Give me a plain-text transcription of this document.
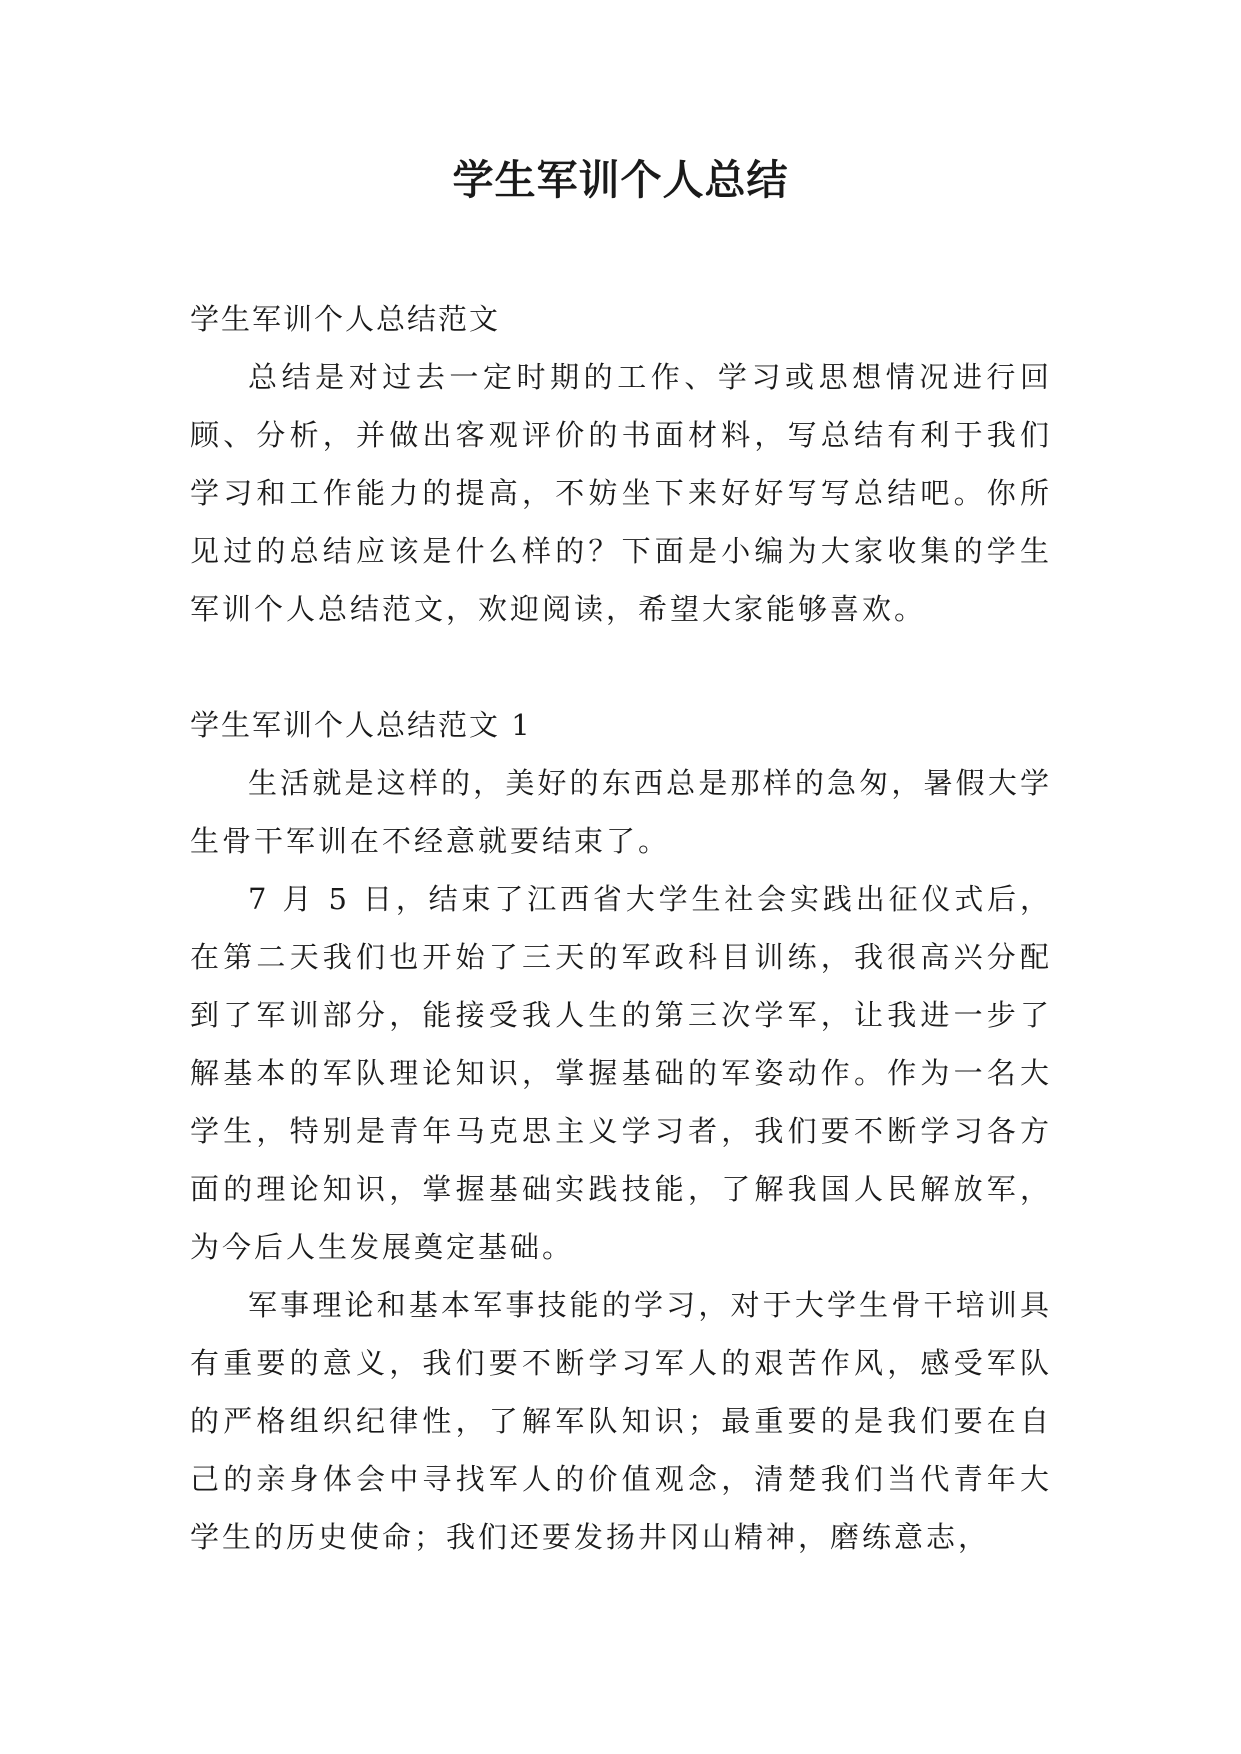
学生军训个人总结

学生军训个人总结范文

总结是对过去一定时期的工作、学习或思想情况进行回顾、分析，并做出客观评价的书面材料，写总结有利于我们学习和工作能力的提高，不妨坐下来好好写写总结吧。你所见过的总结应该是什么样的？下面是小编为大家收集的学生军训个人总结范文，欢迎阅读，希望大家能够喜欢。

学生军训个人总结范文 1

生活就是这样的，美好的东西总是那样的急匆，暑假大学生骨干军训在不经意就要结束了。

7 月 5 日，结束了江西省大学生社会实践出征仪式后，在第二天我们也开始了三天的军政科目训练，我很高兴分配到了军训部分，能接受我人生的第三次学军，让我进一步了解基本的军队理论知识，掌握基础的军姿动作。作为一名大学生，特别是青年马克思主义学习者，我们要不断学习各方面的理论知识，掌握基础实践技能，了解我国人民解放军，为今后人生发展奠定基础。

军事理论和基本军事技能的学习，对于大学生骨干培训具有重要的意义，我们要不断学习军人的艰苦作风，感受军队的严格组织纪律性，了解军队知识；最重要的是我们要在自己的亲身体会中寻找军人的价值观念，清楚我们当代青年大学生的历史使命；我们还要发扬井冈山精神，磨练意志，
